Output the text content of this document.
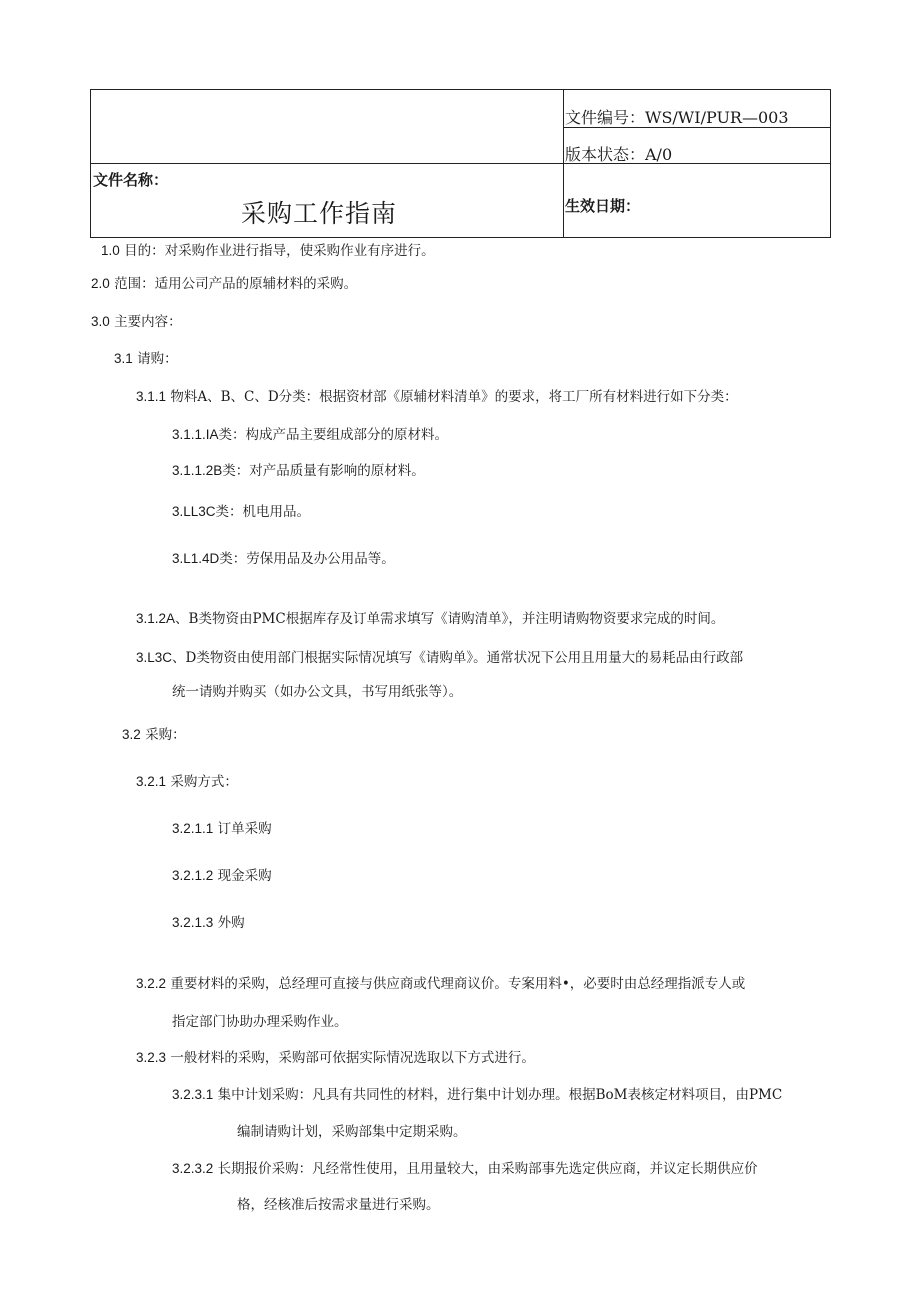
文件编号：WS/WI/PUR—003
版本状态：A/0
文件名称：
采购工作指南	生效日期：
1.0 目的：对采购作业进行指导，使采购作业有序进行。
2.0 范围：适用公司产品的原辅材料的采购。
3.0 主要内容：
3.1 请购：
3.1.1 物料A、B、C、D分类：根据资材部《原辅材料清单》的要求，将工厂所有材料进行如下分类：
3.1.1.IA类：构成产品主要组成部分的原材料。
3.1.1.2B类：对产品质量有影响的原材料。
3.LL3C类：机电用品。
3.L1.4D类：劳保用品及办公用品等。
3.1.2A、B类物资由PMC根据库存及订单需求填写《请购清单》，并注明请购物资要求完成的时间。
3.L3C、D类物资由使用部门根据实际情况填写《请购单》。通常状况下公用且用量大的易耗品由行政部
统一请购并购买（如办公文具，书写用纸张等）。
3.2 采购：
3.2.1 采购方式：
3.2.1.1 订单采购
3.2.1.2 现金采购
3.2.1.3 外购
3.2.2 重要材料的采购，总经理可直接与供应商或代理商议价。专案用料•，必要时由总经理指派专人或
指定部门协助办理采购作业。
3.2.3 一般材料的采购，采购部可依据实际情况选取以下方式进行。
3.2.3.1 集中计划采购：凡具有共同性的材料，进行集中计划办理。根据BoM表核定材料项目，由PMC
编制请购计划，采购部集中定期采购。
3.2.3.2 长期报价采购：凡经常性使用，且用量较大，由采购部事先选定供应商，并议定长期供应价
格，经核准后按需求量进行采购。
